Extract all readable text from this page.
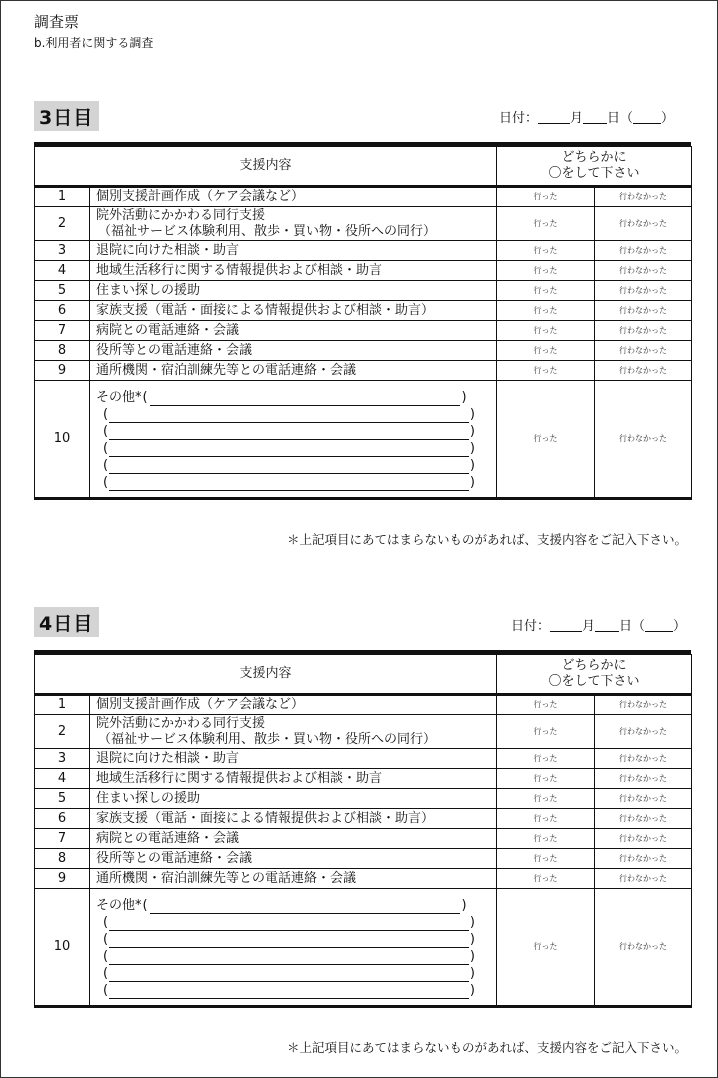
調査票
b.利用者に関する調査
3日目	日付： 月 日（ ）
支援内容		どちらかに
〇をして下さい	

1	個別支援計画作成（ケア会議など）	行った	行わなかった
2	院外活動にかかわる同行支援
（福祉サービス体験利用、散歩・買い物・役所への同行）	行った	行わなかった
3	退院に向けた相談・助言	行った	行わなかった
4	地域生活移行に関する情報提供および相談・助言	行った	行わなかった
5	住まい探しの援助	行った	行わなかった
6	家族支援（電話・面接による情報提供および相談・助言）	行った	行わなかった
7	病院との電話連絡・会議	行った	行わなかった
8	役所等との電話連絡・会議	行った	行わなかった
9	通所機関・宿泊訓練先等との電話連絡・会議	行った	行わなかった
10	その他*
( )
( )
( )
( )
( )
( )	行った	行わなかった
＊上記項目にあてはまらないものがあれば、支援内容をご記入下さい。
4日目	日付： 月 日（ ）
支援内容		どちらかに
〇をして下さい	

1	個別支援計画作成（ケア会議など）	行った	行わなかった
2	院外活動にかかわる同行支援
（福祉サービス体験利用、散歩・買い物・役所への同行）	行った	行わなかった
3	退院に向けた相談・助言	行った	行わなかった
4	地域生活移行に関する情報提供および相談・助言	行った	行わなかった
5	住まい探しの援助	行った	行わなかった
6	家族支援（電話・面接による情報提供および相談・助言）	行った	行わなかった
7	病院との電話連絡・会議	行った	行わなかった
8	役所等との電話連絡・会議	行った	行わなかった
9	通所機関・宿泊訓練先等との電話連絡・会議	行った	行わなかった
10	その他*
( )
( )
( )
( )
( )
( )	行った	行わなかった
＊上記項目にあてはまらないものがあれば、支援内容をご記入下さい。
